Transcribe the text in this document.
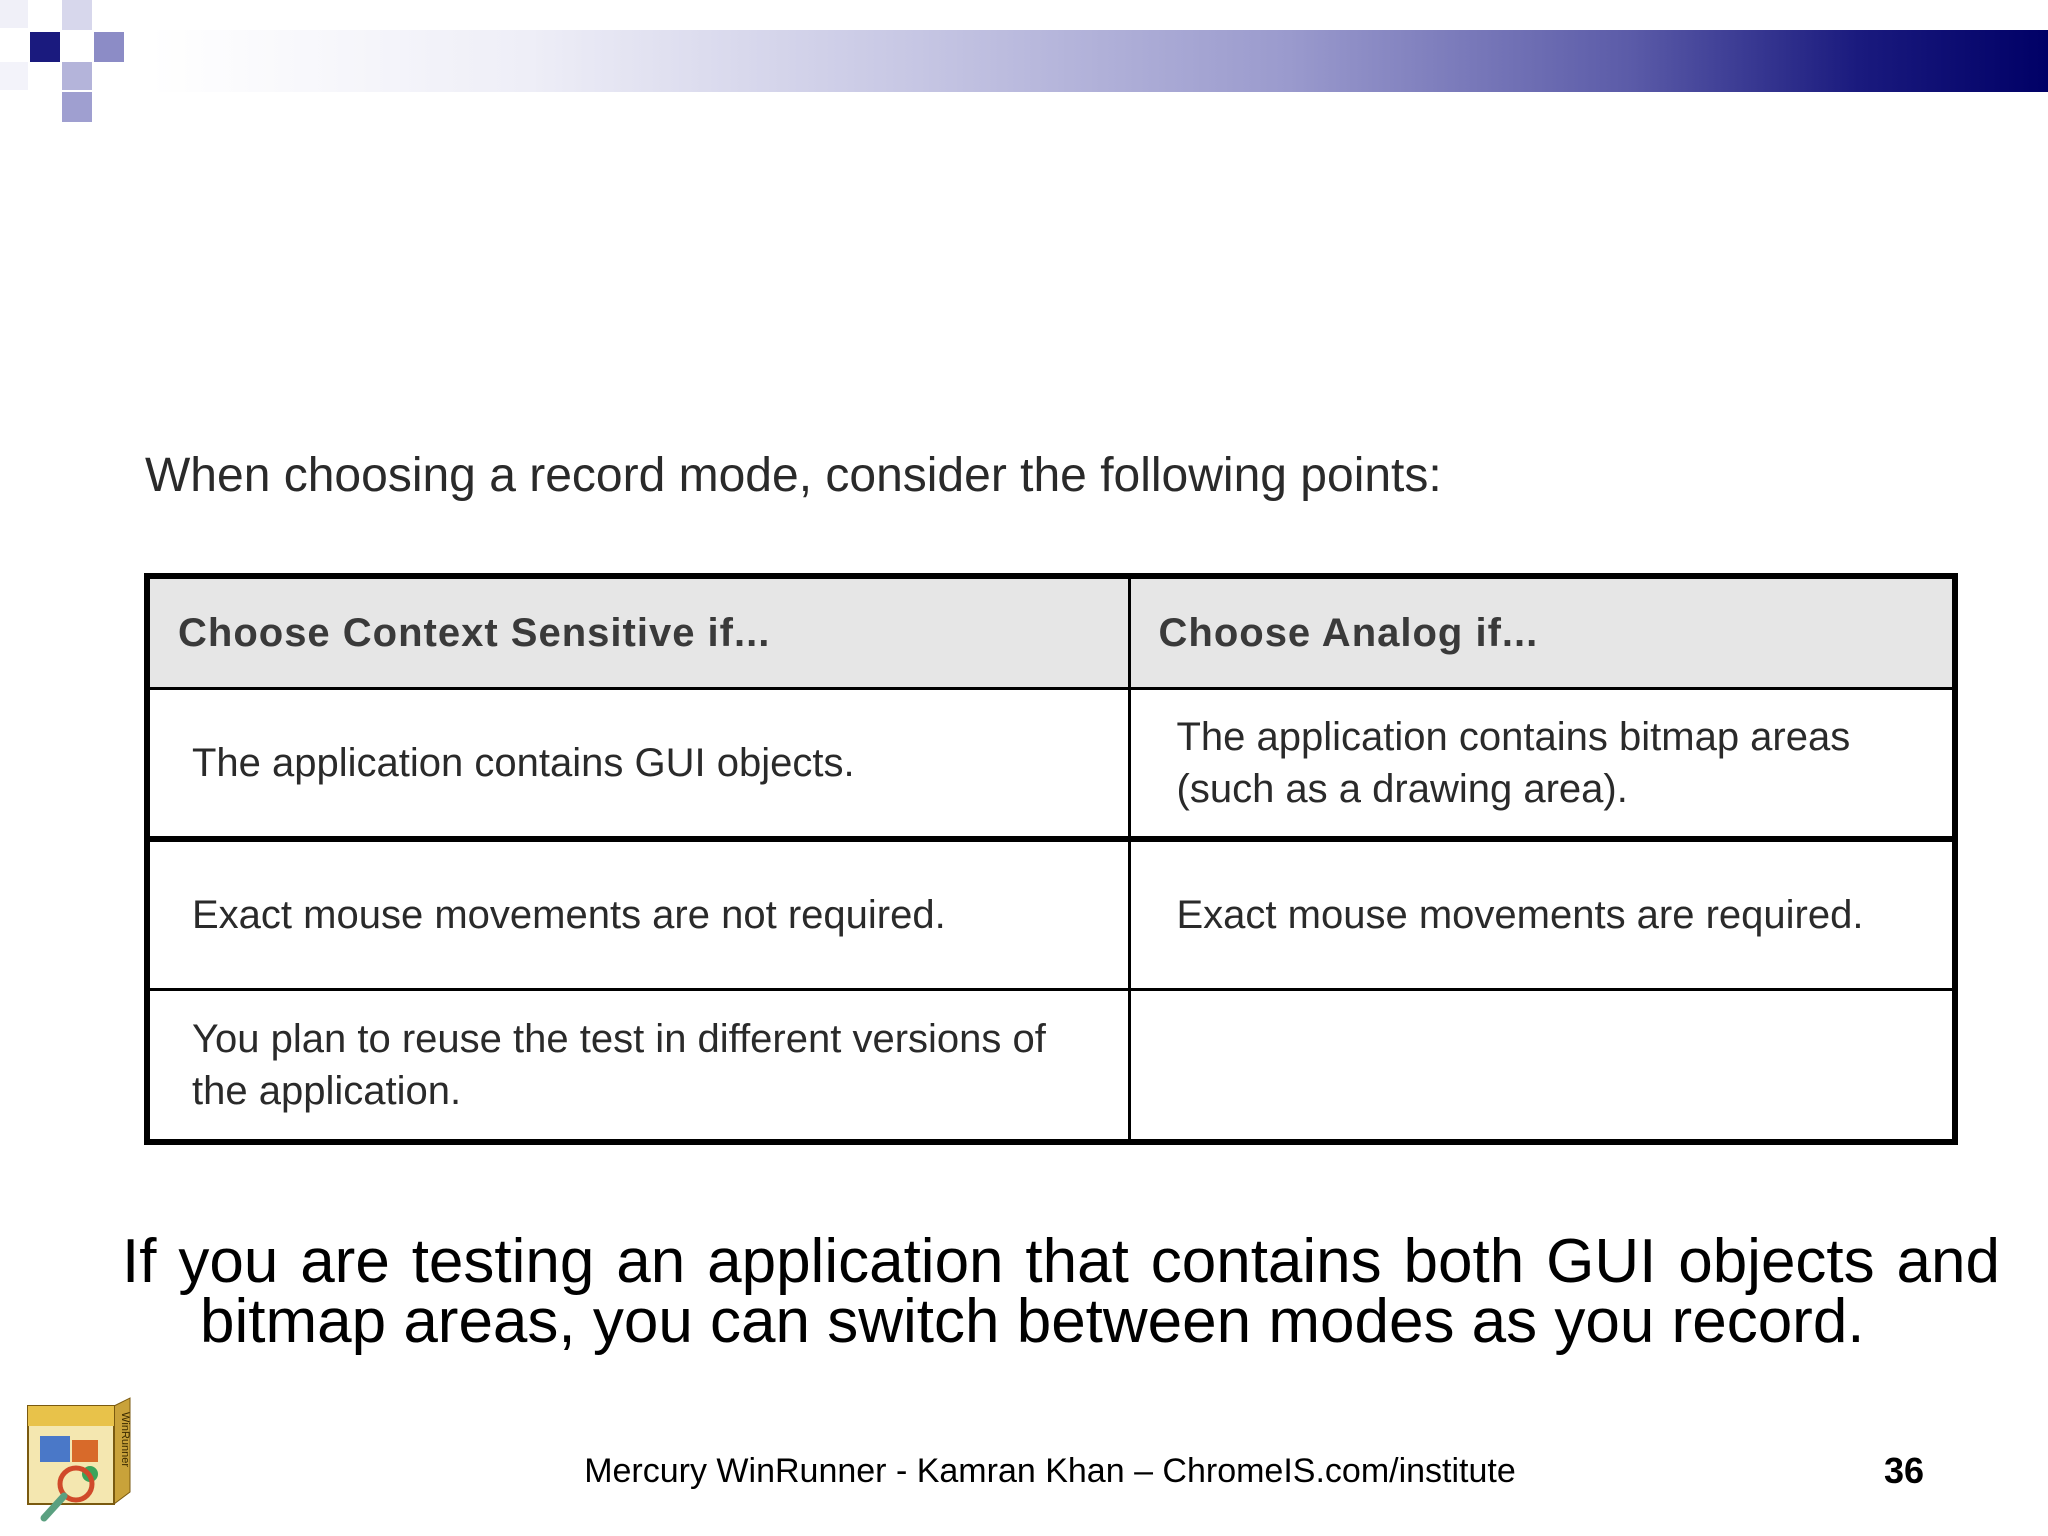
When choosing a record mode, consider the following points:
Choose Context Sensitive if...	Choose Analog if...
The application contains GUI objects.	The application contains bitmap areas (such as a drawing area).
Exact mouse movements are not required.	Exact mouse movements are required.
You plan to reuse the test in different versions of the application.	
If you are testing an application that contains both GUI objects and bitmap areas, you can switch between modes as you record.
WinRunner
Mercury WinRunner - Kamran Khan – ChromeIS.com/institute	36
